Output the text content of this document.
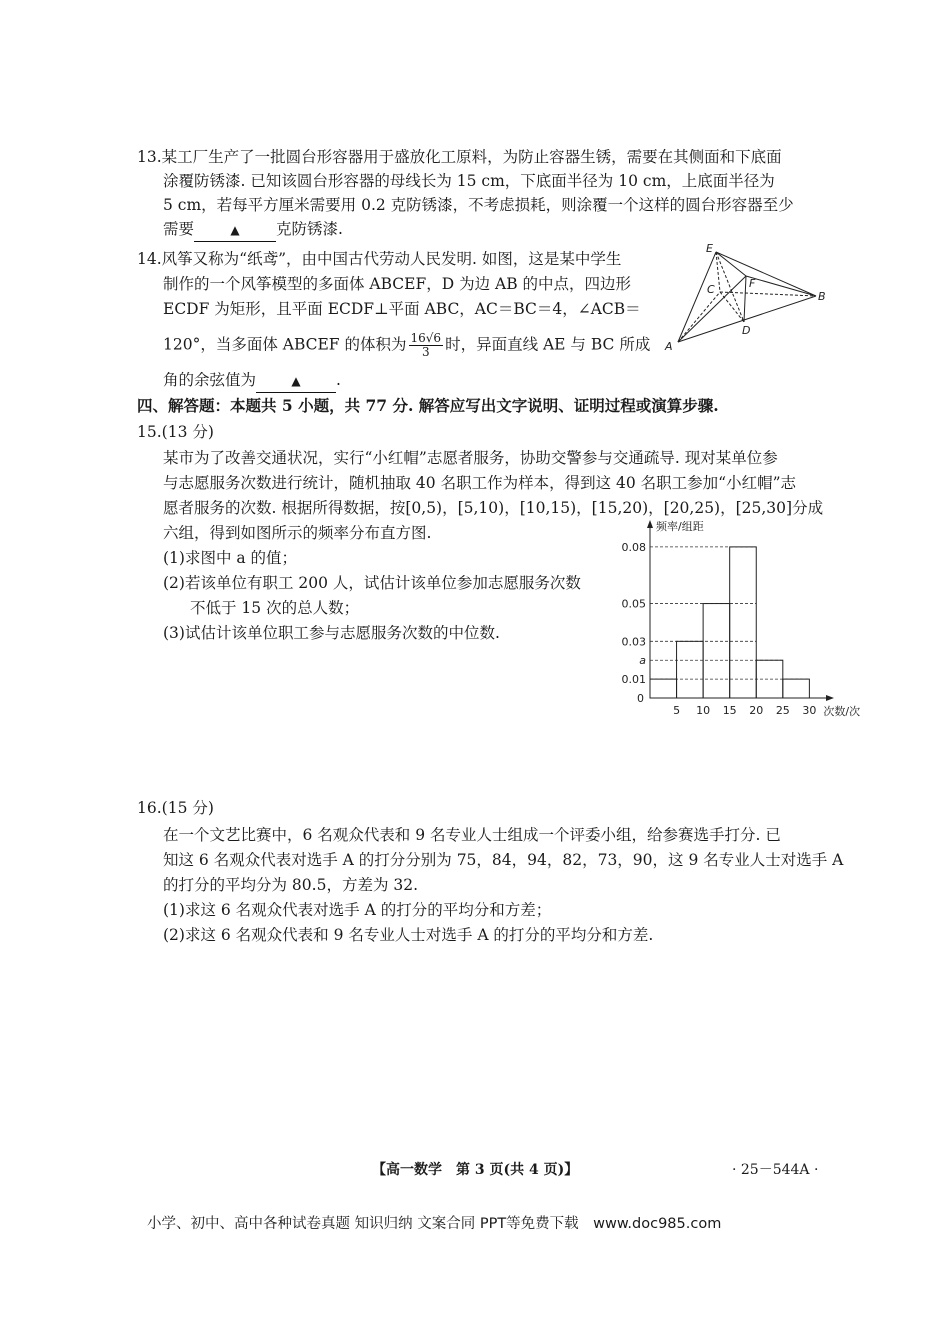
13.某工厂生产了一批圆台形容器用于盛放化工原料，为防止容器生锈，需要在其侧面和下底面
涂覆防锈漆. 已知该圆台形容器的母线长为 15 cm，下底面半径为 10 cm，上底面半径为
5 cm，若每平方厘米需要用 0.2 克防锈漆，不考虑损耗，则涂覆一个这样的圆台形容器至少
需要	▲ 克防锈漆.
14.风筝又称为“纸鸢”，由中国古代劳动人民发明. 如图，这是某中学生
制作的一个风筝模型的多面体 ABCEF，D 为边 AB 的中点，四边形
ECDF 为矩形，且平面 ECDF⊥平面 ABC，AC＝BC＝4，∠ACB＝
120°，当多面体 ABCEF 的体积为 $\frac{16√6}{3}$ 时，异面直线 AE 与 BC 所成
角的余弦值为	▲ .
E
C	F
B
D
A
四、解答题：本题共 5 小题，共 77 分. 解答应写出文字说明、证明过程或演算步骤.
15.(13 分)
某市为了改善交通状况，实行“小红帽”志愿者服务，协助交警参与交通疏导. 现对某单位参
与志愿服务次数进行统计，随机抽取 40 名职工作为样本，得到这 40 名职工参加“小红帽”志
愿者服务的次数. 根据所得数据，按[0,5)，[5,10)，[10,15)，[15,20)，[20,25)，[25,30]分成
六组，得到如图所示的频率分布直方图.
(1)求图中 a 的值；
(2)若该单位有职工 200 人，试估计该单位参加志愿服务次数
不低于 15 次的总人数；
(3)试估计该单位职工参与志愿服务次数的中位数.
0.08
0.05
0.03
a
0.01
0
5 10 15 20 25 30
频率/组距
次数/次
16.(15 分)
在一个文艺比赛中，6 名观众代表和 9 名专业人士组成一个评委小组，给参赛选手打分. 已
知这 6 名观众代表对选手 A 的打分分别为 75，84，94，82，73，90，这 9 名专业人士对选手 A
的打分的平均分为 80.5，方差为 32.
(1)求这 6 名观众代表对选手 A 的打分的平均分和方差；
(2)求这 6 名观众代表和 9 名专业人士对选手 A 的打分的平均分和方差.
【高一数学　第 3 页(共 4 页)】	· 25－544A ·
小学、初中、高中各种试卷真题 知识归纳 文案合同 PPT等免费下载　www.doc985.com
